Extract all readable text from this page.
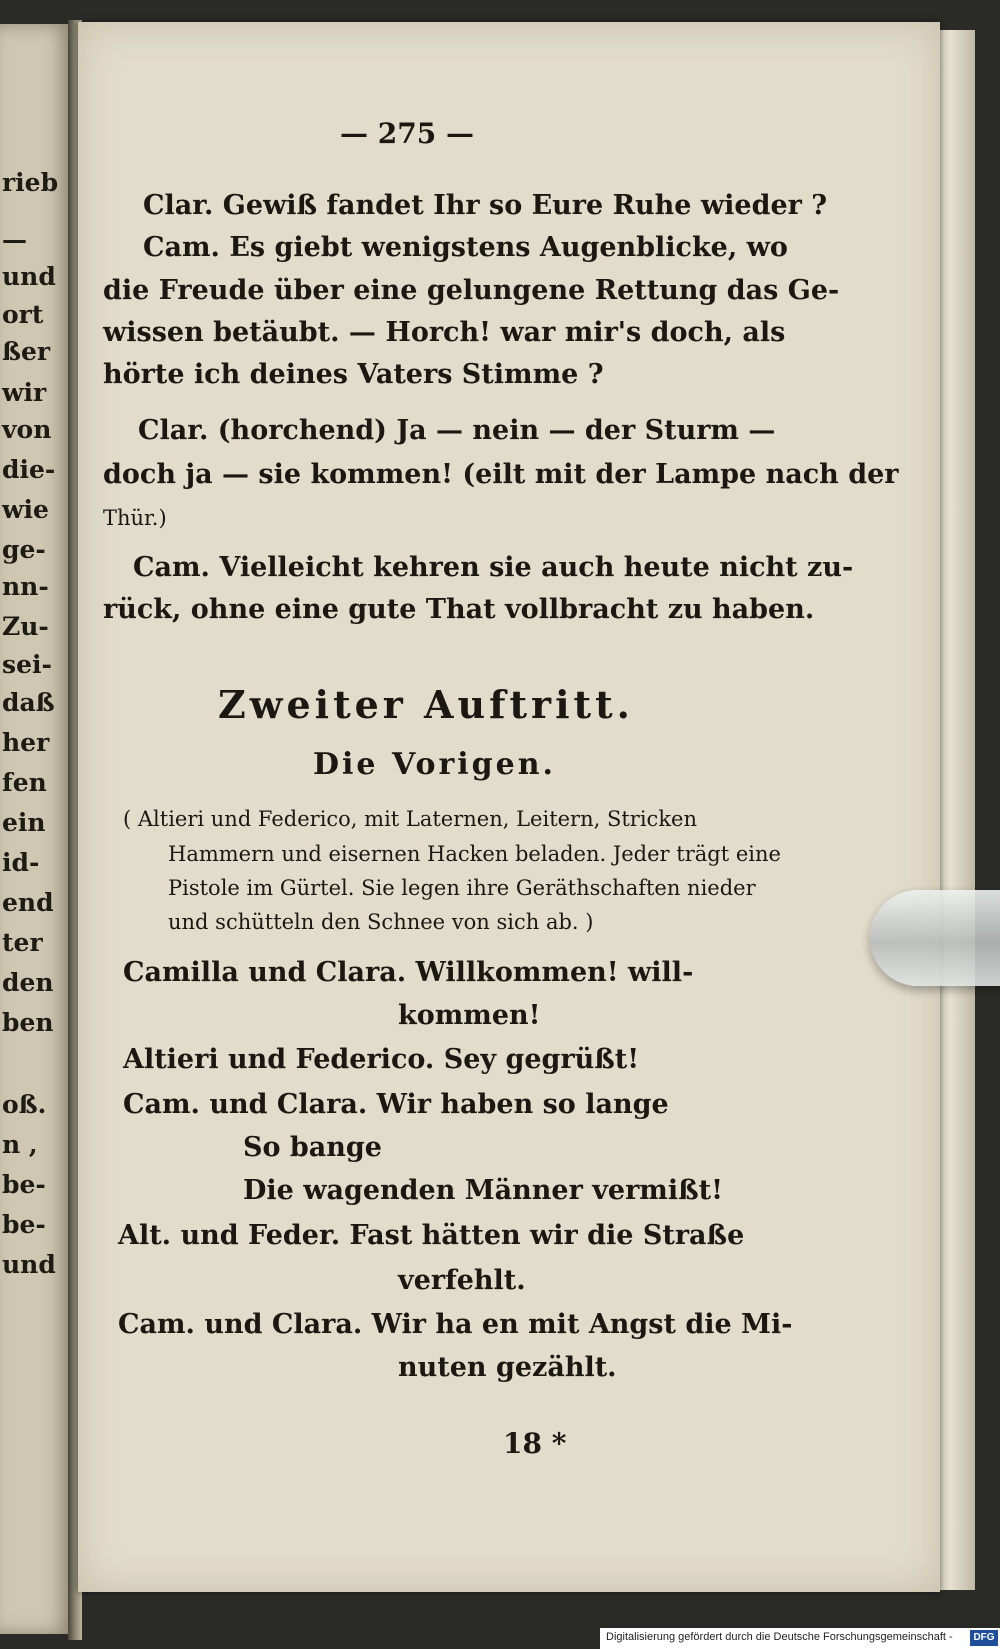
rieb
—
und
ort
ßer
wir
von
die-
wie
ge-
nn-
Zu-
sei-
daß
her
fen
ein
id-
end
ter
den
ben
oß.
n ,
be-
be-
und
— 275 —
Clar. Gewiß fandet Ihr so Eure Ruhe wieder ?
Cam. Es giebt wenigstens Augenblicke, wo
die Freude über eine gelungene Rettung das Ge-
wissen betäubt. — Horch! war mir's doch, als
hörte ich deines Vaters Stimme ?
Clar. (horchend) Ja — nein — der Sturm —
doch ja — sie kommen! (eilt mit der Lampe nach der
Thür.)
Cam. Vielleicht kehren sie auch heute nicht zu-
rück, ohne eine gute That vollbracht zu haben.
Zweiter Auftritt.
Die Vorigen.
( Altieri und Federico, mit Laternen, Leitern, Stricken
Hammern und eisernen Hacken beladen. Jeder trägt eine
Pistole im Gürtel. Sie legen ihre Geräthschaften nieder
und schütteln den Schnee von sich ab. )
Camilla und Clara. Willkommen! will-
kommen!
Altieri und Federico. Sey gegrüßt!
Cam. und Clara. Wir haben so lange
So bange
Die wagenden Männer vermißt!
Alt. und Feder. Fast hätten wir die Straße
verfehlt.
Cam. und Clara. Wir ha en mit Angst die Mi-
nuten gezählt.
18 *
Digitalisierung gefördert durch die Deutsche Forschungsgemeinschaft -	DFG
